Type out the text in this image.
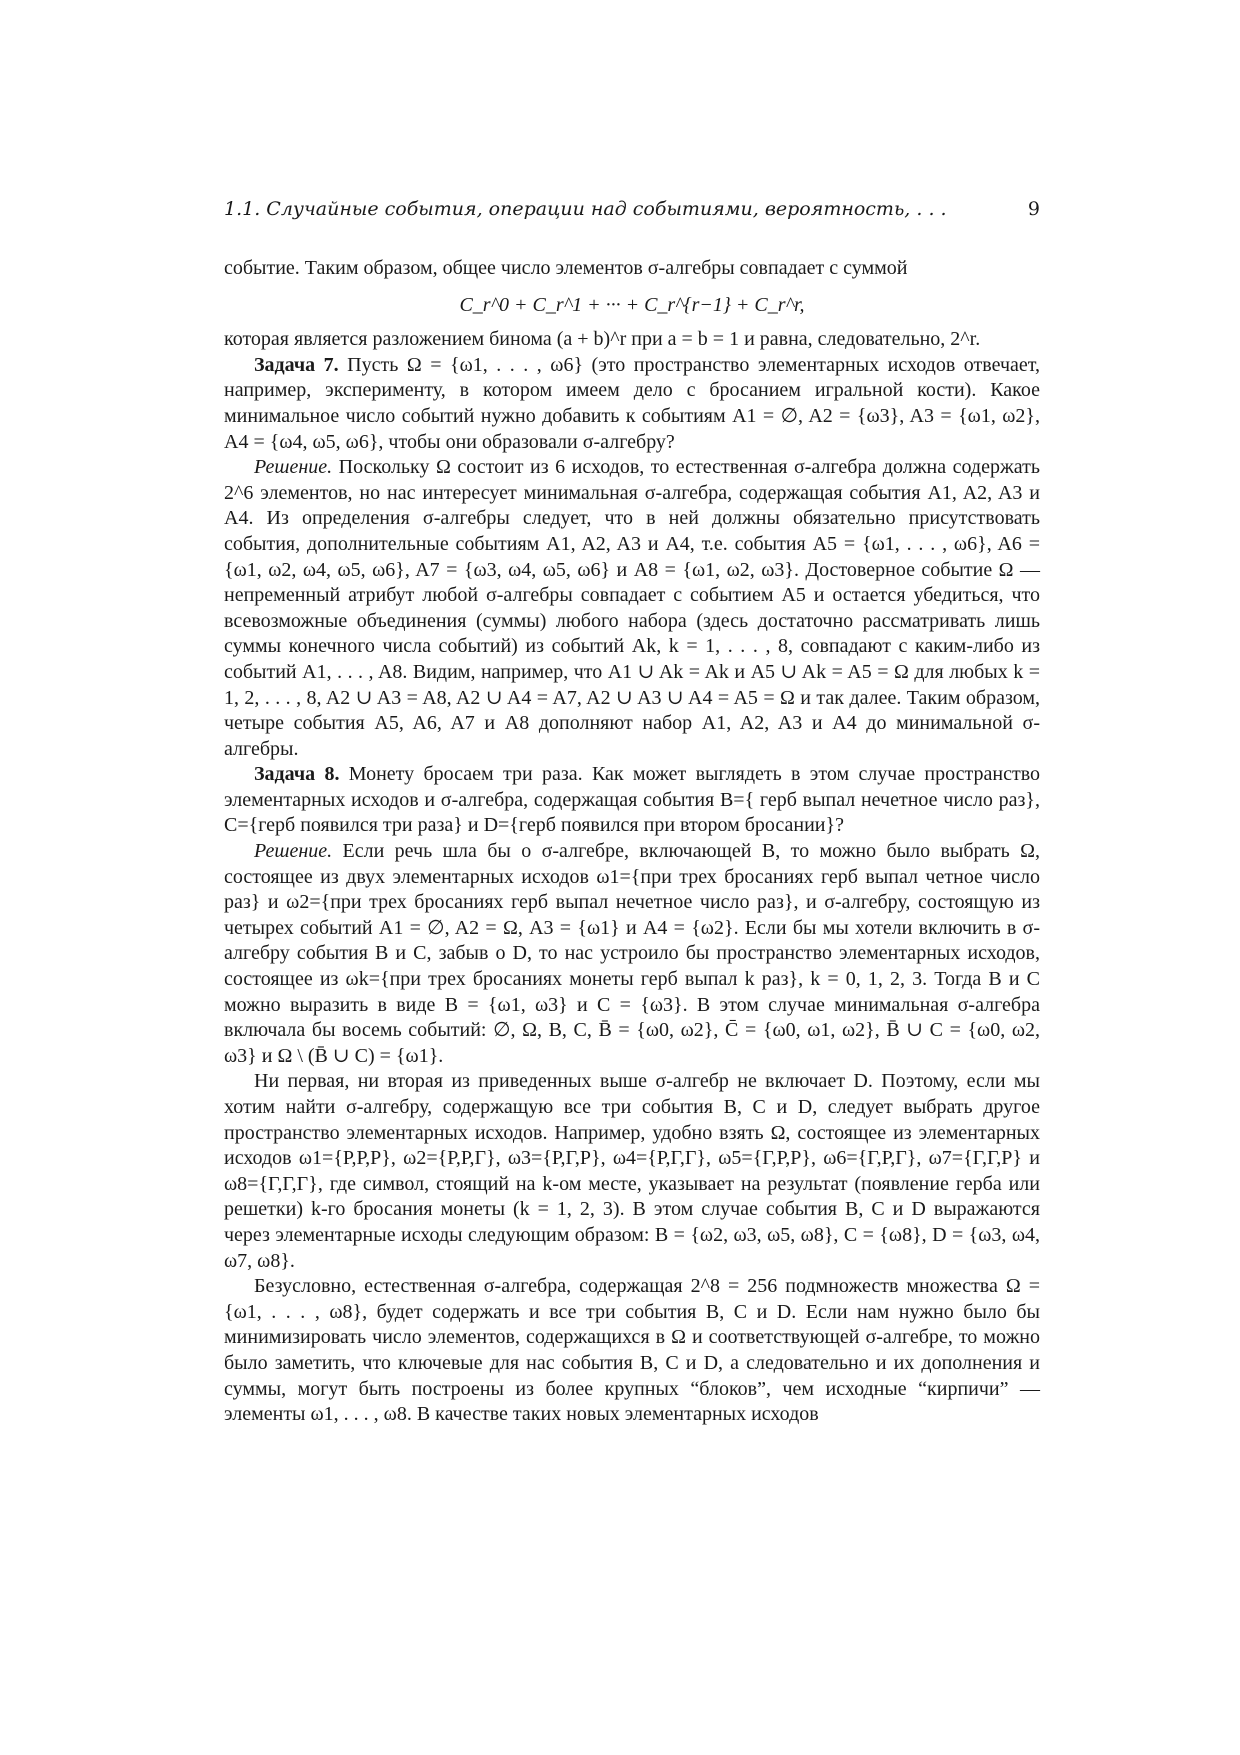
1.1. Случайные события, операции над событиями, вероятность, . . .	9

событие. Таким образом, общее число элементов σ-алгебры совпадает с суммой

C_r^0 + C_r^1 + ··· + C_r^{r−1} + C_r^r,

которая является разложением бинома (a + b)^r при a = b = 1 и равна, следовательно, 2^r.

Задача 7. Пусть Ω = {ω1, . . . , ω6} (это пространство элементарных исходов отвечает, например, эксперименту, в котором имеем дело с бросанием игральной кости). Какое минимальное число событий нужно добавить к событиям A1 = ∅, A2 = {ω3}, A3 = {ω1, ω2}, A4 = {ω4, ω5, ω6}, чтобы они образовали σ-алгебру?

Решение. Поскольку Ω состоит из 6 исходов, то естественная σ-алгебра должна содержать 2^6 элементов, но нас интересует минимальная σ-алгебра, содержащая события A1, A2, A3 и A4. Из определения σ-алгебры следует, что в ней должны обязательно присутствовать события, дополнительные событиям A1, A2, A3 и A4, т.е. события A5 = {ω1, . . . , ω6}, A6 = {ω1, ω2, ω4, ω5, ω6}, A7 = {ω3, ω4, ω5, ω6} и A8 = {ω1, ω2, ω3}. Достоверное событие Ω — непременный атрибут любой σ-алгебры совпадает с событием A5 и остается убедиться, что всевозможные объединения (суммы) любого набора (здесь достаточно рассматривать лишь суммы конечного числа событий) из событий Ak, k = 1, . . . , 8, совпадают с каким-либо из событий A1, . . . , A8. Видим, например, что A1 ∪ Ak = Ak и A5 ∪ Ak = A5 = Ω для любых k = 1, 2, . . . , 8, A2 ∪ A3 = A8, A2 ∪ A4 = A7, A2 ∪ A3 ∪ A4 = A5 = Ω и так далее. Таким образом, четыре события A5, A6, A7 и A8 дополняют набор A1, A2, A3 и A4 до минимальной σ-алгебры.

Задача 8. Монету бросаем три раза. Как может выглядеть в этом случае пространство элементарных исходов и σ-алгебра, содержащая события B={ герб выпал нечетное число раз}, C={герб появился три раза} и D={герб появился при втором бросании}?

Решение. Если речь шла бы о σ-алгебре, включающей B, то можно было выбрать Ω, состоящее из двух элементарных исходов ω1={при трех бросаниях герб выпал четное число раз} и ω2={при трех бросаниях герб выпал нечетное число раз}, и σ-алгебру, состоящую из четырех событий A1 = ∅, A2 = Ω, A3 = {ω1} и A4 = {ω2}. Если бы мы хотели включить в σ-алгебру события B и C, забыв о D, то нас устроило бы пространство элементарных исходов, состоящее из ωk={при трех бросаниях монеты герб выпал k раз}, k = 0, 1, 2, 3. Тогда B и C можно выразить в виде B = {ω1, ω3} и C = {ω3}. В этом случае минимальная σ-алгебра включала бы восемь событий: ∅, Ω, B, C, B̄ = {ω0, ω2}, C̄ = {ω0, ω1, ω2}, B̄ ∪ C = {ω0, ω2, ω3} и Ω \ (B̄ ∪ C) = {ω1}.

Ни первая, ни вторая из приведенных выше σ-алгебр не включает D. Поэтому, если мы хотим найти σ-алгебру, содержащую все три события B, C и D, следует выбрать другое пространство элементарных исходов. Например, удобно взять Ω, состоящее из элементарных исходов ω1={Р,Р,Р}, ω2={Р,Р,Г}, ω3={Р,Г,Р}, ω4={Р,Г,Г}, ω5={Г,Р,Р}, ω6={Г,Р,Г}, ω7={Г,Г,Р} и ω8={Г,Г,Г}, где символ, стоящий на k-ом месте, указывает на результат (появление герба или решетки) k-го бросания монеты (k = 1, 2, 3). В этом случае события B, C и D выражаются через элементарные исходы следующим образом: B = {ω2, ω3, ω5, ω8}, C = {ω8}, D = {ω3, ω4, ω7, ω8}.

Безусловно, естественная σ-алгебра, содержащая 2^8 = 256 подмножеств множества Ω = {ω1, . . . , ω8}, будет содержать и все три события B, C и D. Если нам нужно было бы минимизировать число элементов, содержащихся в Ω и соответствующей σ-алгебре, то можно было заметить, что ключевые для нас события B, C и D, а следовательно и их дополнения и суммы, могут быть построены из более крупных “блоков”, чем исходные “кирпичи” — элементы ω1, . . . , ω8. В качестве таких новых элементарных исходов
